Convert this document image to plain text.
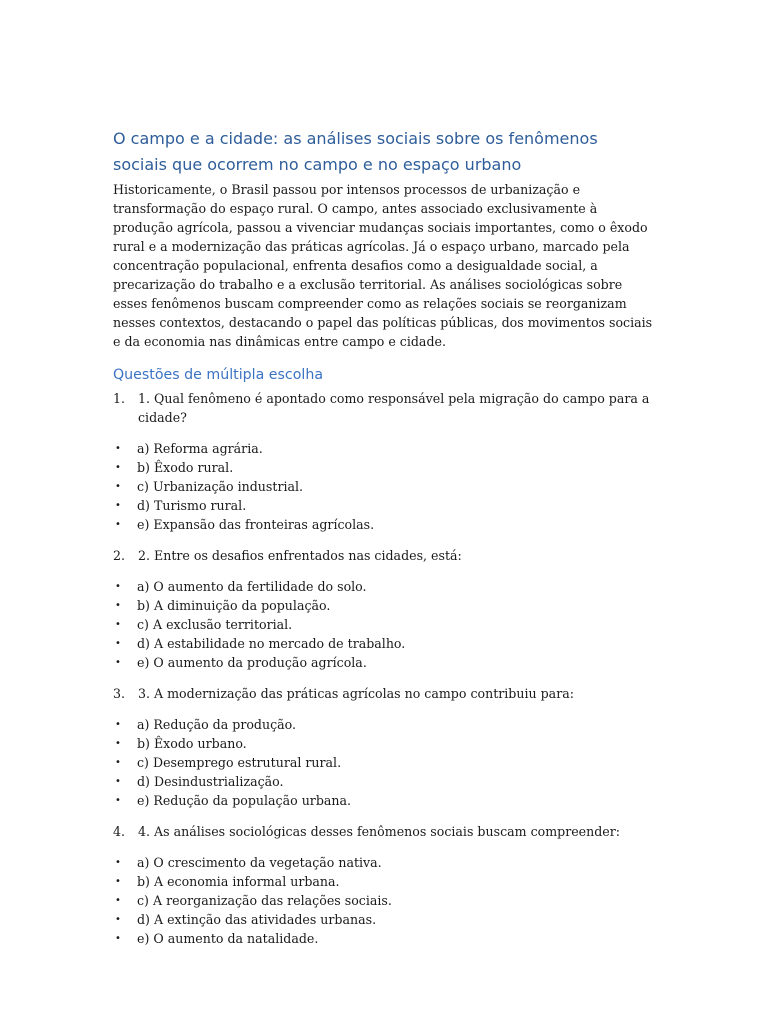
O campo e a cidade: as análises sociais sobre os fenômenos sociais que ocorrem no campo e no espaço urbano

Historicamente, o Brasil passou por intensos processos de urbanização e transformação do espaço rural. O campo, antes associado exclusivamente à produção agrícola, passou a vivenciar mudanças sociais importantes, como o êxodo rural e a modernização das práticas agrícolas. Já o espaço urbano, marcado pela concentração populacional, enfrenta desafios como a desigualdade social, a precarização do trabalho e a exclusão territorial. As análises sociológicas sobre esses fenômenos buscam compreender como as relações sociais se reorganizam nesses contextos, destacando o papel das políticas públicas, dos movimentos sociais e da economia nas dinâmicas entre campo e cidade.

Questões de múltipla escolha
1.	1. Qual fenômeno é apontado como responsável pela migração do campo para a cidade?
•	a) Reforma agrária.
•	b) Êxodo rural.
•	c) Urbanização industrial.
•	d) Turismo rural.
•	e) Expansão das fronteiras agrícolas.
2.	2. Entre os desafios enfrentados nas cidades, está:
•	a) O aumento da fertilidade do solo.
•	b) A diminuição da população.
•	c) A exclusão territorial.
•	d) A estabilidade no mercado de trabalho.
•	e) O aumento da produção agrícola.
3.	3. A modernização das práticas agrícolas no campo contribuiu para:
•	a) Redução da produção.
•	b) Êxodo urbano.
•	c) Desemprego estrutural rural.
•	d) Desindustrialização.
•	e) Redução da população urbana.
4.	4. As análises sociológicas desses fenômenos sociais buscam compreender:
•	a) O crescimento da vegetação nativa.
•	b) A economia informal urbana.
•	c) A reorganização das relações sociais.
•	d) A extinção das atividades urbanas.
•	e) O aumento da natalidade.
